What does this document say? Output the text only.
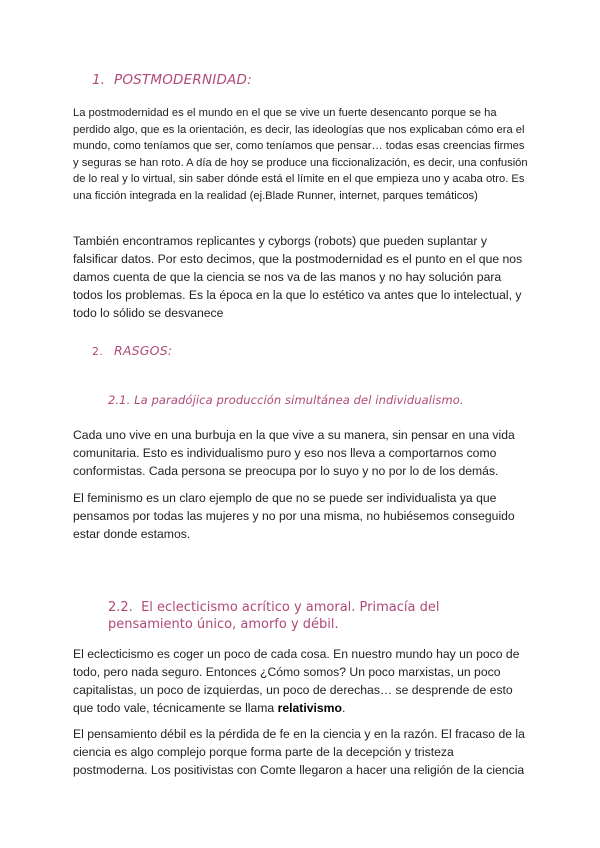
1. POSTMODERNIDAD:
La postmodernidad es el mundo en el que se vive un fuerte desencanto porque se ha perdido algo, que es la orientación, es decir, las ideologías que nos explicaban cómo era el mundo, como teníamos que ser, como teníamos que pensar… todas esas creencias firmes y seguras se han roto. A día de hoy se produce una ficcionalización, es decir, una confusión de lo real y lo virtual, sin saber dónde está el límite en el que empieza uno y acaba otro. Es una ficción integrada en la realidad (ej.Blade Runner, internet, parques temáticos)
También encontramos replicantes y cyborgs (robots) que pueden suplantar y falsificar datos. Por esto decimos, que la postmodernidad es el punto en el que nos damos cuenta de que la ciencia se nos va de las manos y no hay solución para todos los problemas. Es la época en la que lo estético va antes que lo intelectual, y todo lo sólido se desvanece
2. RASGOS:
2.1. La paradójica producción simultánea del individualismo.
Cada uno vive en una burbuja en la que vive a su manera, sin pensar en una vida comunitaria. Esto es individualismo puro y eso nos lleva a comportarnos como conformistas. Cada persona se preocupa por lo suyo y no por lo de los demás.
El feminismo es un claro ejemplo de que no se puede ser individualista ya que pensamos por todas las mujeres y no por una misma, no hubiésemos conseguido estar donde estamos.
2.2. El eclecticismo acrítico y amoral. Primacía del pensamiento único, amorfo y débil.
El eclecticismo es coger un poco de cada cosa. En nuestro mundo hay un poco de todo, pero nada seguro. Entonces ¿Cómo somos? Un poco marxistas, un poco capitalistas, un poco de izquierdas, un poco de derechas… se desprende de esto que todo vale, técnicamente se llama relativismo.
El pensamiento débil es la pérdida de fe en la ciencia y en la razón. El fracaso de la ciencia es algo complejo porque forma parte de la decepción y tristeza postmoderna. Los positivistas con Comte llegaron a hacer una religión de la ciencia
